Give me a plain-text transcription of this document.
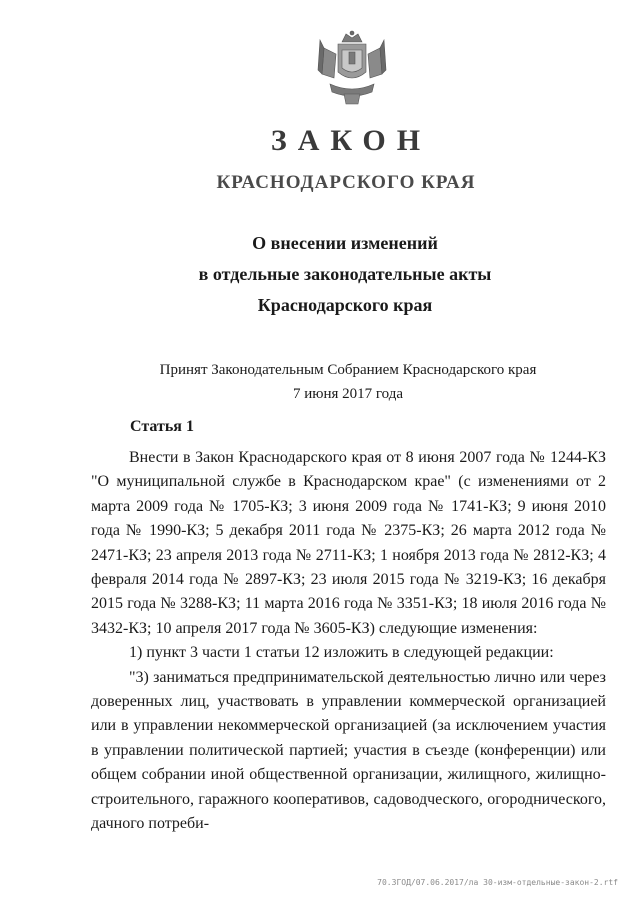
ЗАКОН
КРАСНОДАРСКОГО КРАЯ
О внесении изменений
в отдельные законодательные акты
Краснодарского края
Принят Законодательным Собранием Краснодарского края
7 июня 2017 года
Статья 1

Внести в Закон Краснодарского края от 8 июня 2007 года № 1244-КЗ "О муниципальной службе в Краснодарском крае" (с изменениями от 2 марта 2009 года № 1705-КЗ; 3 июня 2009 года № 1741-КЗ; 9 июня 2010 года № 1990-КЗ; 5 декабря 2011 года № 2375-КЗ; 26 марта 2012 года № 2471-КЗ; 23 апреля 2013 года № 2711-КЗ; 1 ноября 2013 года № 2812-КЗ; 4 февраля 2014 года № 2897-КЗ; 23 июля 2015 года № 3219-КЗ; 16 декабря 2015 года № 3288-КЗ; 11 марта 2016 года № 3351-КЗ; 18 июля 2016 года № 3432-КЗ; 10 апреля 2017 года № 3605-КЗ) следующие изменения:

1) пункт 3 части 1 статьи 12 изложить в следующей редакции:

"3) заниматься предпринимательской деятельностью лично или через доверенных лиц, участвовать в управлении коммерческой организацией или в управлении некоммерческой организацией (за исключением участия в управлении политической партией; участия в съезде (конференции) или общем собрании иной общественной организации, жилищного, жилищно-строительного, гаражного кооперативов, садоводческого, огороднического, дачного потреби-

70.3ГОД/07.06.2017/ла 30-изм-отдельные-закон-2.rtf
